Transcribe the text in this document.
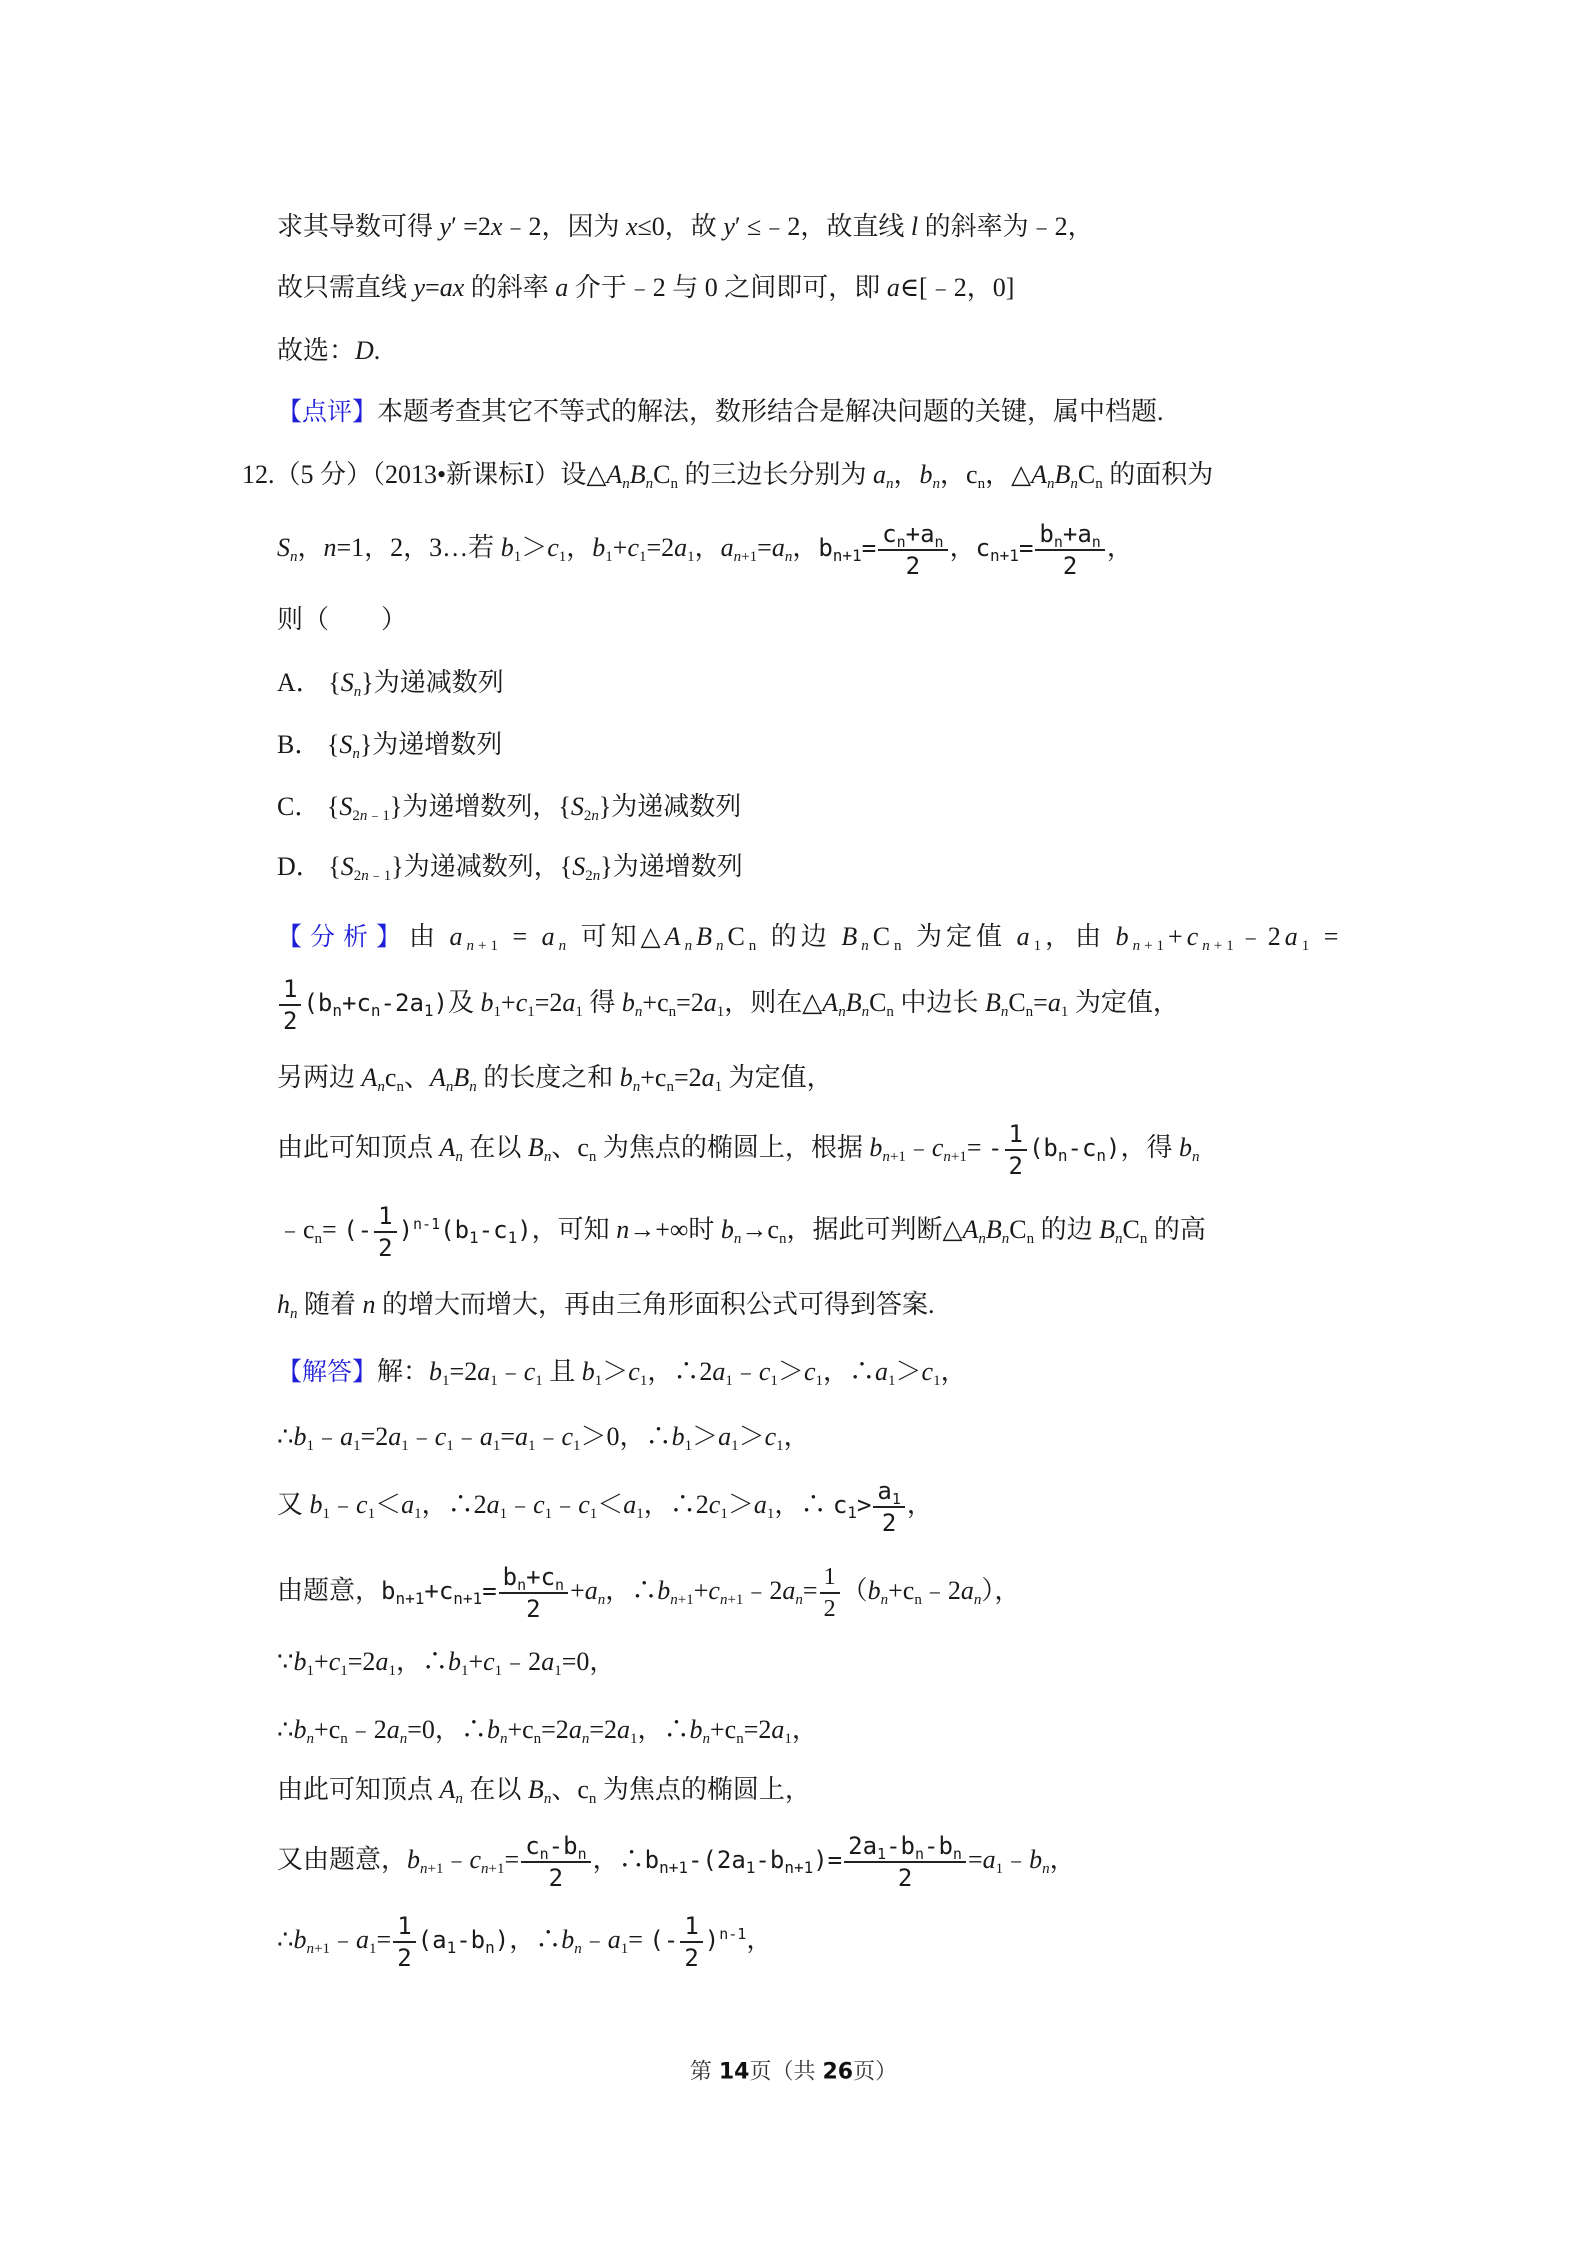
求其导数可得 y′ =2x﹣2，因为 x≤0，故 y′ ≤﹣2，故直线 l 的斜率为﹣2，
故只需直线 y=ax 的斜率 a 介于﹣2 与 0 之间即可，即 a∈[﹣2，0]
故选：D.
【点评】本题考查其它不等式的解法，数形结合是解决问题的关键，属中档题.
12.（5 分）（2013•新课标Ⅰ）设$\triangle A_nB_nC_n$ 的三边长分别为 $a_n$，$b_n$，$c_n$，$\triangle A_nB_nC_n$ 的面积为
$S_n$，n=1，2，3…若 $b_1>c_1$，$b_1+c_1=2a_1$，$a_{n+1}=a_n$，$b_{n+1}= \frac{c_n+a_n}{2}$ ，$c_{n+1}= \frac{b_n+a_n}{2}$ ，
则（　　）
A． $\{S_n\}$为递减数列
B． $\{S_n\}$为递增数列
C． $\{S_{2n﹣1}\}$为递增数列，$\{S_{2n}\}$为递减数列
D． $\{S_{2n﹣1}\}$为递减数列，$\{S_{2n}\}$为递增数列
【分析】由 $a_{n+1} = a_n$ 可知$\triangle A_nB_nC_n$ 的边 $B_nC_n$ 为定值 $a_1$，由 $b_{n+1}+c_{n+1}﹣2a_1$ =
$\frac{1}{2} (b_n+c_n-2a_1)$及 $b_1+c_1=2a_1$ 得 $b_n+c_n=2a_1$，则在$\triangle A_nB_nC_n$ 中边长 $B_nC_n=a_1$ 为定值，
另两边 $A_nc_n$、$A_nB_n$ 的长度之和 $b_n+c_n=2a_1$ 为定值，
由此可知顶点 $A_n$ 在以 $B_n$、$c_n$ 为焦点的椭圆上，根据 $b_{n+1}﹣c_{n+1}= - \frac{1}{2} (b_n-c_n)$，得 $b_n$
$﹣c_n=$ (- $\frac{1}{2} )^{n-1}(b_1-c_1)$，可知 n→+∞时 $b_n\to c_n$，据此可判断$\triangle A_nB_nC_n$ 的边 $B_nC_n$ 的高
$h_n$ 随着 n 的增大而增大，再由三角形面积公式可得到答案.
【解答】解：$b_1=2a_1﹣c_1$ 且 $b_1>c_1$，$\therefore 2a_1﹣c_1>c_1$，$\therefore a_1>c_1$，
$\therefore b_1﹣a_1=2a_1﹣c_1﹣a_1=a_1﹣c_1>0$，$\therefore b_1>a_1>c_1$，
又 $b_1﹣c_1<a_1$，$\therefore 2a_1﹣c_1﹣c_1<a_1$，$\therefore 2c_1>a_1$，∴ $c_1> \frac{a_1}{2}$ ，
由题意，$b_{n+1}+c_{n+1}= \frac{b_n+c_n}{2} +a_n$，$\therefore b_{n+1}+c_{n+1}﹣2a_n= \frac{1}{2}$ $(b_n+c_n﹣2a_n)$，
$\because b_1+c_1=2a_1$，$\therefore b_1+c_1﹣2a_1=0$，
$\therefore b_n+c_n﹣2a_n=0$，$\therefore b_n+c_n=2a_n=2a_1$，$\therefore b_n+c_n=2a_1$，
由此可知顶点 $A_n$ 在以 $B_n$、$c_n$ 为焦点的椭圆上，
又由题意，$b_{n+1}﹣c_{n+1}= \frac{c_n-b_n}{2}$ ，$\therefore b_{n+1}-(2a_1-b_{n+1})= \frac{2a_1-b_n-b_n}{2}$ $=a_1﹣b_n$，
$\therefore b_{n+1}﹣a_1= \frac{1}{2} (a_1-b_n)$，$\therefore b_n﹣a_1=$ (- $\frac{1}{2} )^{n-1}$，
第 14页（共 26页）
